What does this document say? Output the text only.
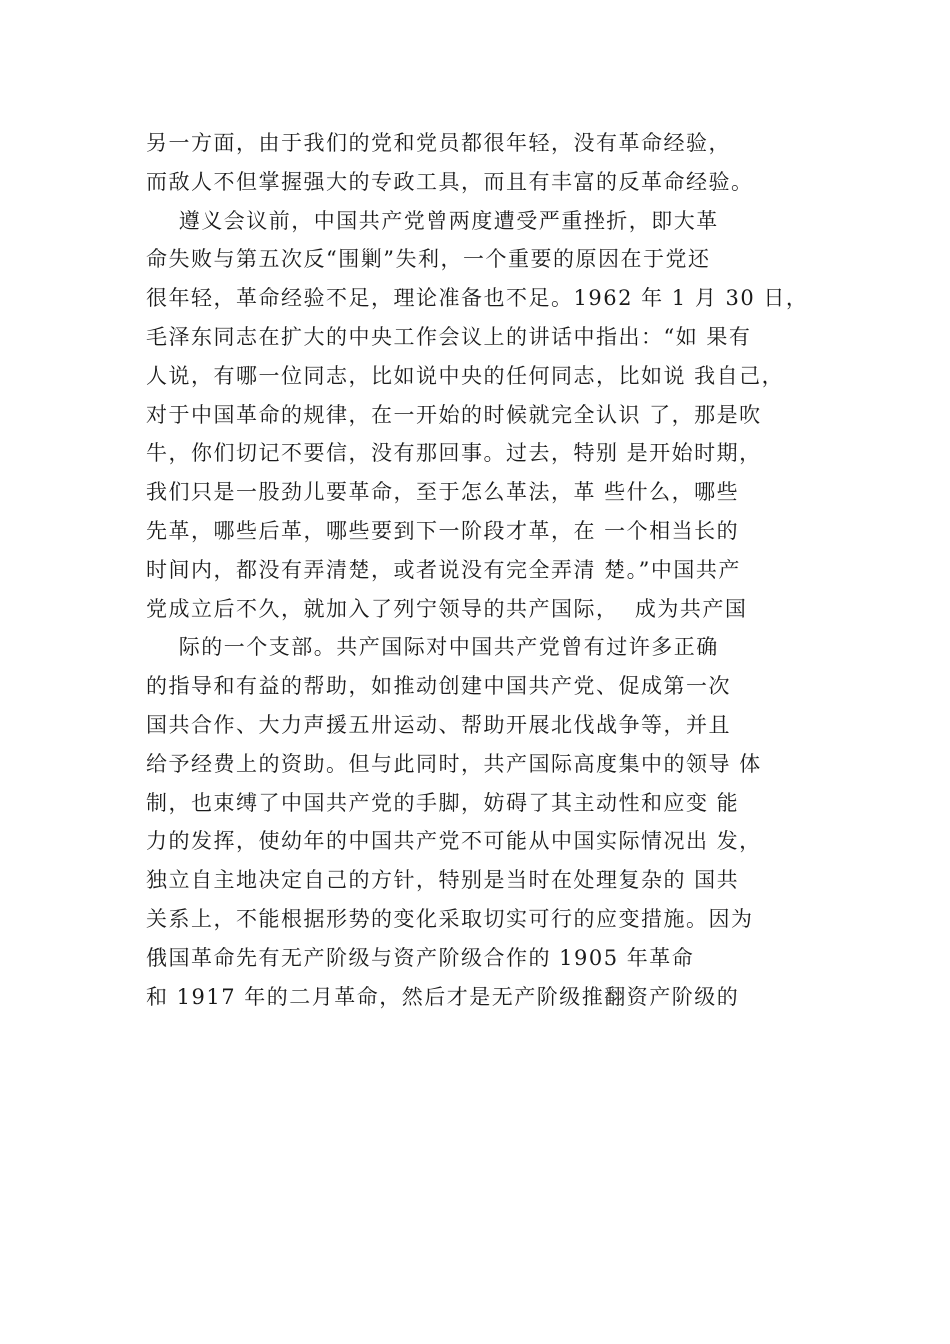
另一方面，由于我们的党和党员都很年轻，没有革命经验，
而敌人不但掌握强大的专政工具，而且有丰富的反革命经验。
遵义会议前，中国共产党曾两度遭受严重挫折，即大革
命失败与第五次反“围剿”失利，一个重要的原因在于党还
很年轻，革命经验不足，理论准备也不足。1962 年 1 月 30 日，
毛泽东同志在扩大的中央工作会议上的讲话中指出：“如 果有
人说，有哪一位同志，比如说中央的任何同志，比如说 我自己，
对于中国革命的规律，在一开始的时候就完全认识 了，那是吹
牛，你们切记不要信，没有那回事。过去，特别 是开始时期，
我们只是一股劲儿要革命，至于怎么革法，革 些什么，哪些
先革，哪些后革，哪些要到下一阶段才革，在 一个相当长的
时间内，都没有弄清楚，或者说没有完全弄清 楚。”中国共产
党成立后不久，就加入了列宁领导的共产国际，  成为共产国
际的一个支部。共产国际对中国共产党曾有过许多正确
的指导和有益的帮助，如推动创建中国共产党、促成第一次
国共合作、大力声援五卅运动、帮助开展北伐战争等，并且
给予经费上的资助。但与此同时，共产国际高度集中的领导 体
制，也束缚了中国共产党的手脚，妨碍了其主动性和应变 能
力的发挥，使幼年的中国共产党不可能从中国实际情况出 发，
独立自主地决定自己的方针，特别是当时在处理复杂的 国共
关系上，不能根据形势的变化采取切实可行的应变措施。因为
俄国革命先有无产阶级与资产阶级合作的 1905 年革命
和 1917 年的二月革命，然后才是无产阶级推翻资产阶级的
